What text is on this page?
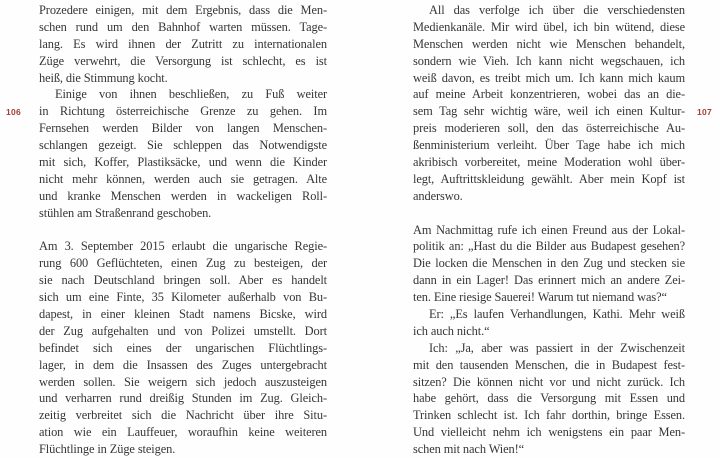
106
Prozedere einigen, mit dem Ergebnis, dass die Men-
schen rund um den Bahnhof warten müssen. Tage-
lang. Es wird ihnen der Zutritt zu internationalen
Züge verwehrt, die Versorgung ist schlecht, es ist
heiß, die Stimmung kocht.
Einige von ihnen beschließen, zu Fuß weiter
in Richtung österreichische Grenze zu gehen. Im
Fernsehen werden Bilder von langen Menschen-
schlangen gezeigt. Sie schleppen das Notwendigste
mit sich, Koffer, Plastiksäcke, und wenn die Kinder
nicht mehr können, werden auch sie getragen. Alte
und kranke Menschen werden in wackeligen Roll-
stühlen am Straßenrand geschoben.
Am 3. September 2015 erlaubt die ungarische Regie-
rung 600 Geflüchteten, einen Zug zu besteigen, der
sie nach Deutschland bringen soll. Aber es handelt
sich um eine Finte, 35 Kilometer außerhalb von Bu-
dapest, in einer kleinen Stadt namens Bicske, wird
der Zug aufgehalten und von Polizei umstellt. Dort
befindet sich eines der ungarischen Flüchtlings-
lager, in dem die Insassen des Zuges untergebracht
werden sollen. Sie weigern sich jedoch auszusteigen
und verharren rund dreißig Stunden im Zug. Gleich-
zeitig verbreitet sich die Nachricht über ihre Situ-
ation wie ein Lauffeuer, woraufhin keine weiteren
Flüchtlinge in Züge steigen.
All das verfolge ich über die verschiedensten
Medienkanäle. Mir wird übel, ich bin wütend, diese
Menschen werden nicht wie Menschen behandelt,
sondern wie Vieh. Ich kann nicht wegschauen, ich
weiß davon, es treibt mich um. Ich kann mich kaum
auf meine Arbeit konzentrieren, wobei das an die-
sem Tag sehr wichtig wäre, weil ich einen Kultur-
preis moderieren soll, den das österreichische Au-
ßenministerium verleiht. Über Tage habe ich mich
akribisch vorbereitet, meine Moderation wohl über-
legt, Auftrittskleidung gewählt. Aber mein Kopf ist
anderswo.
Am Nachmittag rufe ich einen Freund aus der Lokal-
politik an: „Hast du die Bilder aus Budapest gesehen?
Die locken die Menschen in den Zug und stecken sie
dann in ein Lager! Das erinnert mich an andere Zei-
ten. Eine riesige Sauerei! Warum tut niemand was?“
Er: „Es laufen Verhandlungen, Kathi. Mehr weiß
ich auch nicht.“
Ich: „Ja, aber was passiert in der Zwischenzeit
mit den tausenden Menschen, die in Budapest fest-
sitzen? Die können nicht vor und nicht zurück. Ich
habe gehört, dass die Versorgung mit Essen und
Trinken schlecht ist. Ich fahr dorthin, bringe Essen.
Und vielleicht nehm ich wenigstens ein paar Men-
schen mit nach Wien!“
107
